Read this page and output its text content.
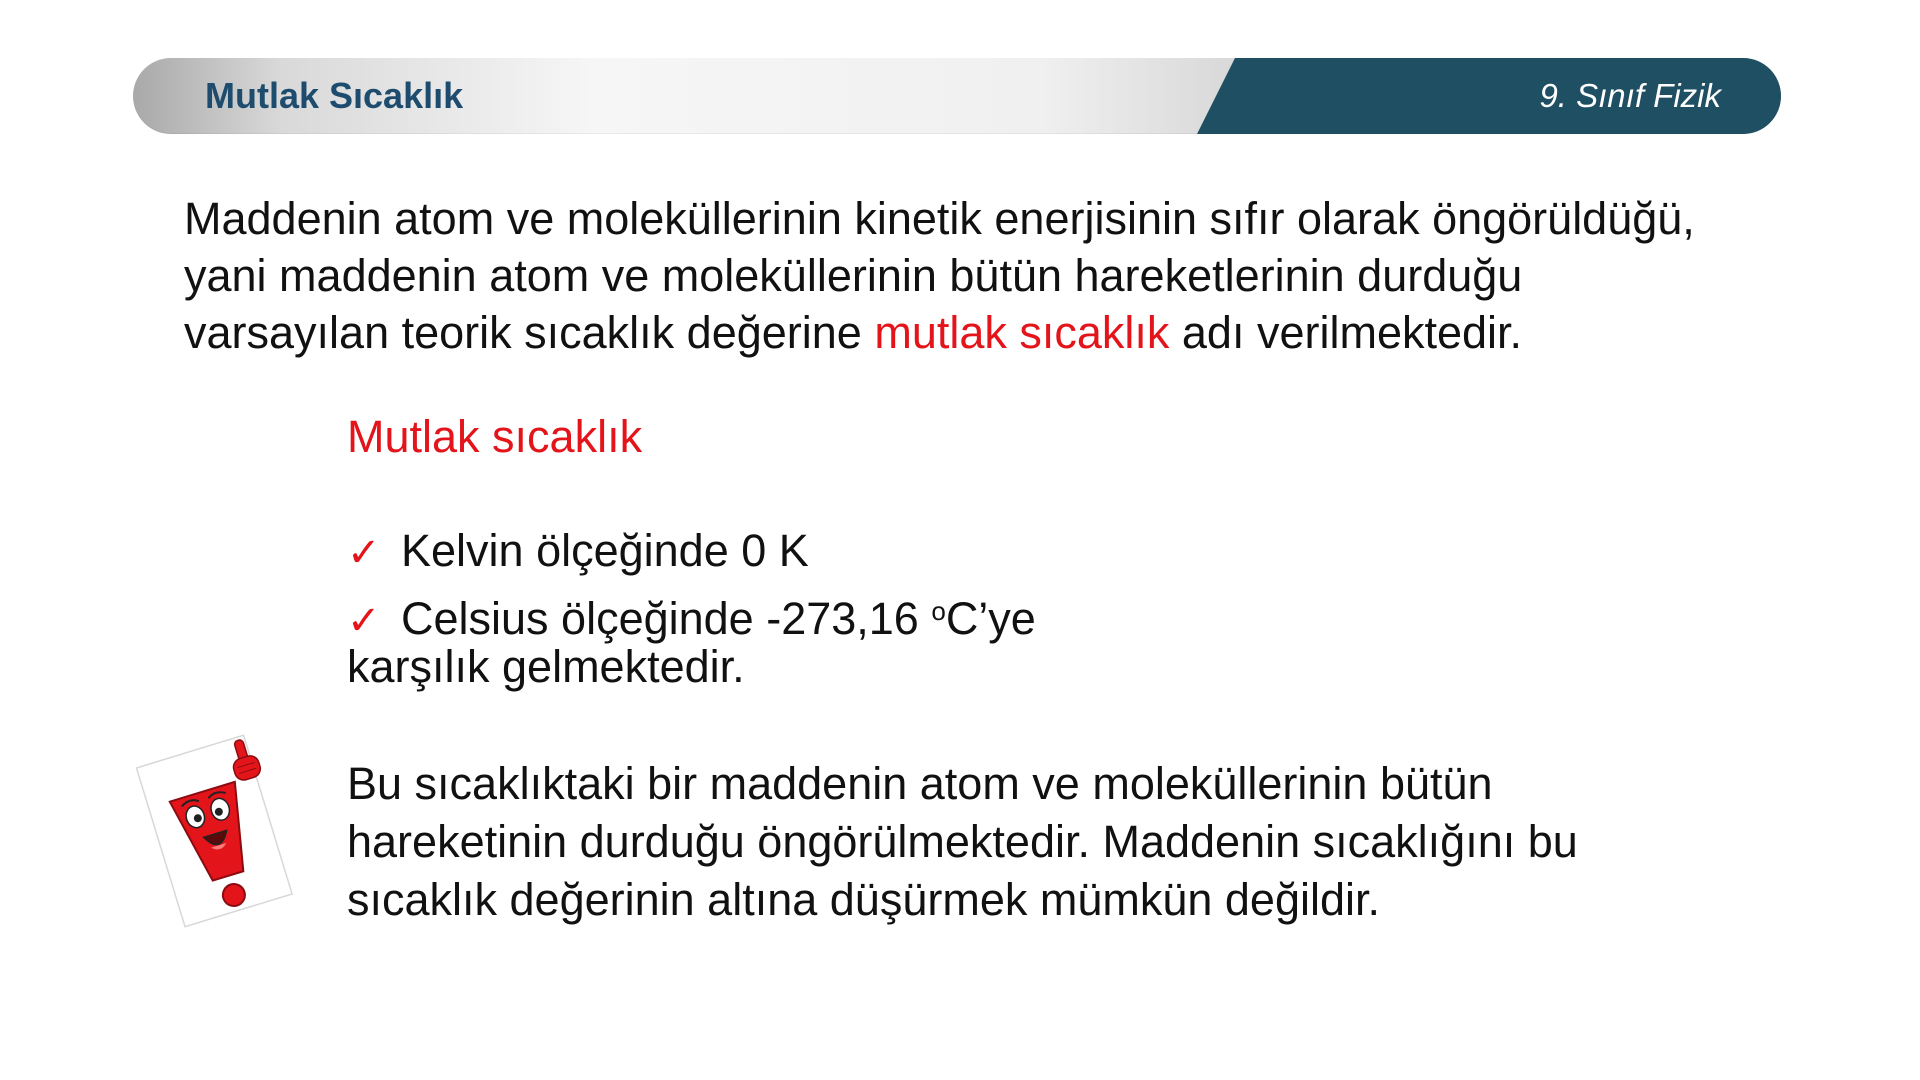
Mutlak Sıcaklık	9. Sınıf Fizik

Maddenin atom ve moleküllerinin kinetik enerjisinin sıfır olarak öngörüldüğü,
yani maddenin atom ve moleküllerinin bütün hareketlerinin durduğu
varsayılan teorik sıcaklık değerine mutlak sıcaklık adı verilmektedir.

Mutlak sıcaklık
✓ Kelvin ölçeğinde 0 K
✓ Celsius ölçeğinde -273,16 $^o$C’ye
karşılık gelmektedir.

Bu sıcaklıktaki bir maddenin atom ve moleküllerinin bütün
hareketinin durduğu öngörülmektedir. Maddenin sıcaklığını bu
sıcaklık değerinin altına düşürmek mümkün değildir.
